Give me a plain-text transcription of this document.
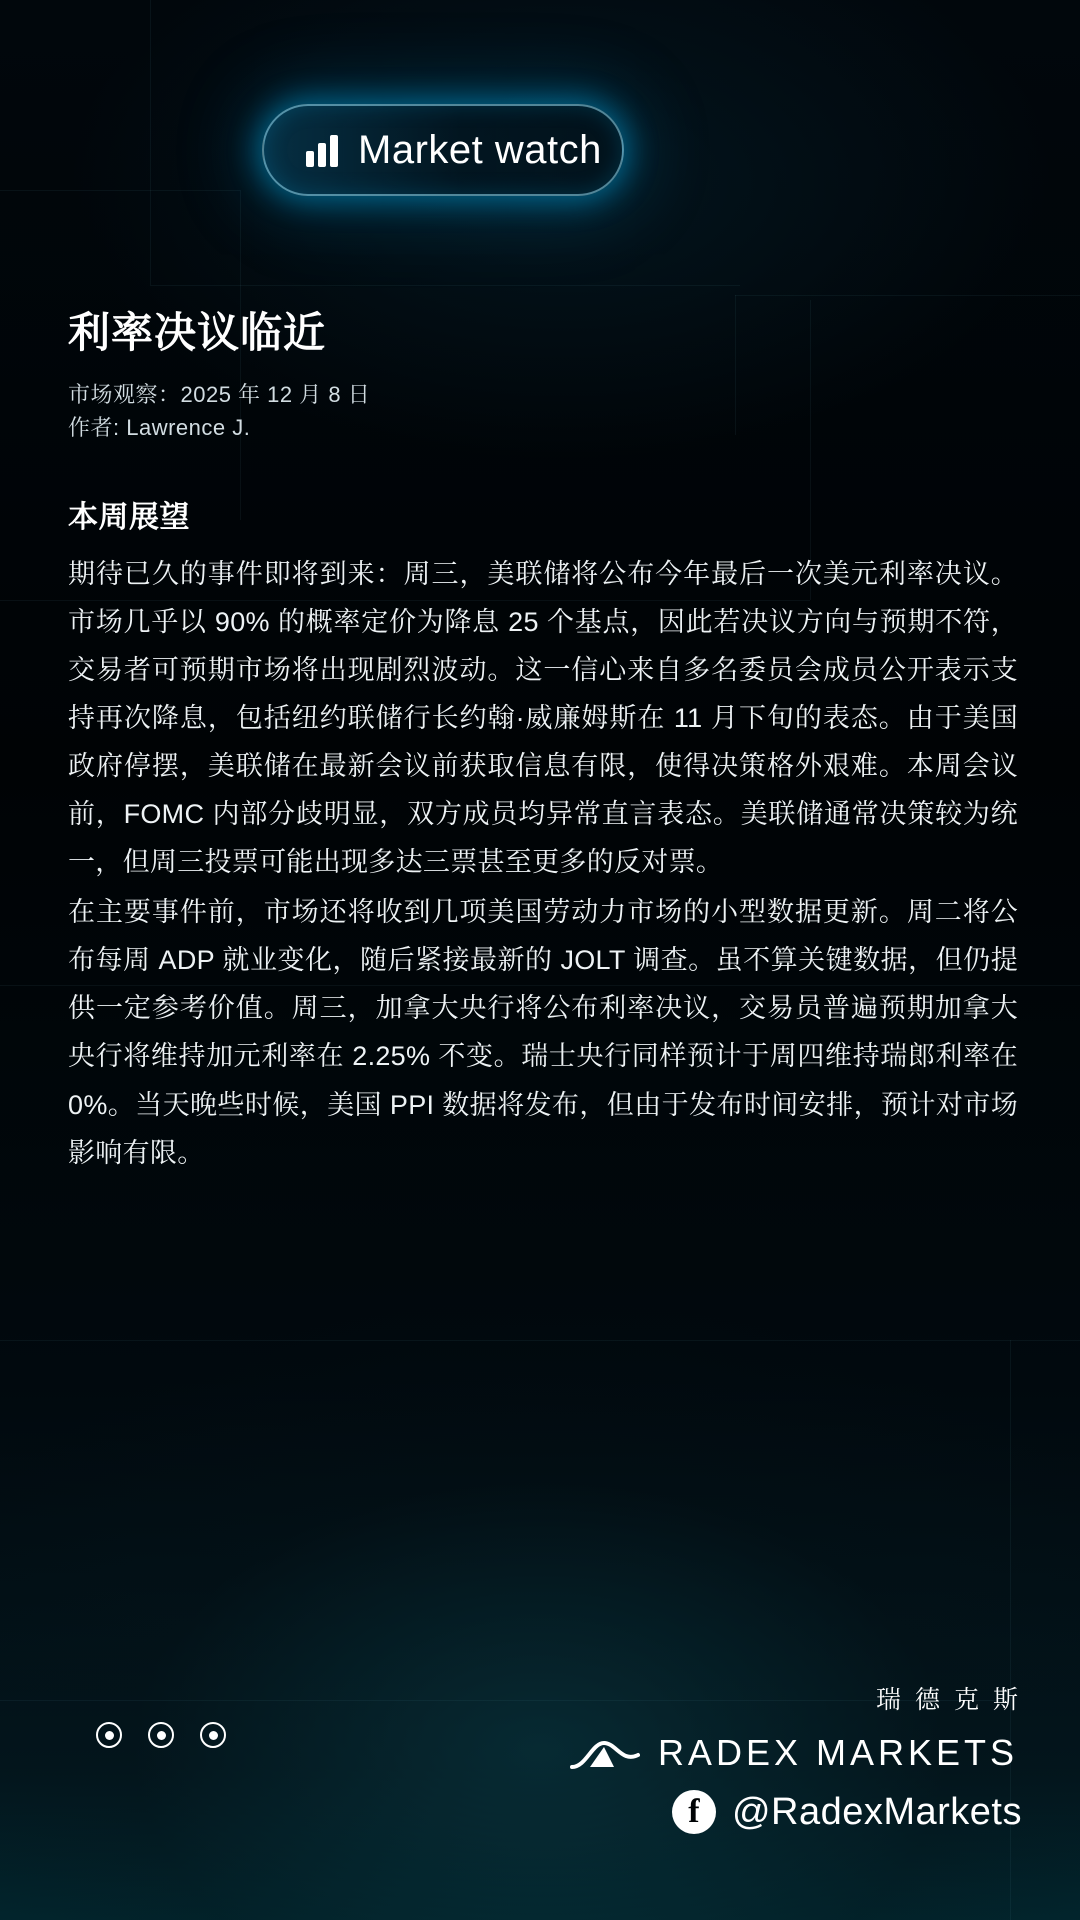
Market watch
利率决议临近
市场观察：2025 年 12 月 8 日
作者: Lawrence J.
本周展望

期待已久的事件即将到来：周三，美联储将公布今年最后一次美元利率决议。市场几乎以 90% 的概率定价为降息 25 个基点，因此若决议方向与预期不符，交易者可预期市场将出现剧烈波动。这一信心来自多名委员会成员公开表示支持再次降息，包括纽约联储行长约翰·威廉姆斯在 11 月下旬的表态。由于美国政府停摆，美联储在最新会议前获取信息有限，使得决策格外艰难。本周会议前，FOMC 内部分歧明显，双方成员均异常直言表态。美联储通常决策较为统一，但周三投票可能出现多达三票甚至更多的反对票。

在主要事件前，市场还将收到几项美国劳动力市场的小型数据更新。周二将公布每周 ADP 就业变化，随后紧接最新的 JOLT 调查。虽不算关键数据，但仍提供一定参考价值。周三，加拿大央行将公布利率决议，交易员普遍预期加拿大央行将维持加元利率在 2.25% 不变。瑞士央行同样预计于周四维持瑞郎利率在 0%。当天晚些时候，美国 PPI 数据将发布，但由于发布时间安排，预计对市场影响有限。

瑞德克斯
RADEX MARKETS
f @RadexMarkets
